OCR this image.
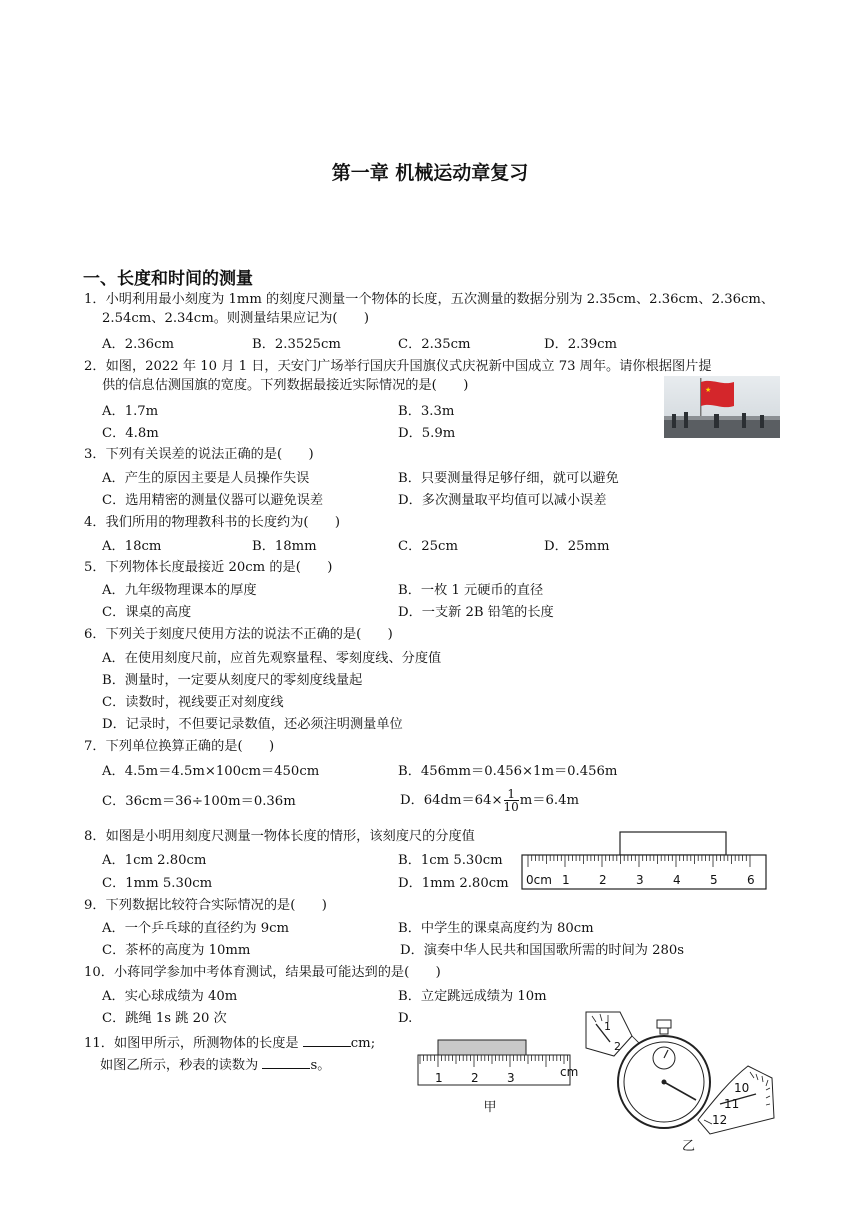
第一章 机械运动章复习
一、长度和时间的测量
1．小明利用最小刻度为 1mm 的刻度尺测量一个物体的长度，五次测量的数据分别为 2.35cm、2.36cm、2.36cm、
2.54cm、2.34cm。则测量结果应记为(　　)
A．2.36cm	B．2.3525cm	C．2.35cm	D．2.39cm
2．如图，2022 年 10 月 1 日，天安门广场举行国庆升国旗仪式庆祝新中国成立 73 周年。请你根据图片提
供的信息估测国旗的宽度。下列数据最接近实际情况的是(　　)
A．1.7m	B．3.3m
C．4.8m	D．5.9m
★
3．下列有关误差的说法正确的是(　　)
A．产生的原因主要是人员操作失误	B．只要测量得足够仔细，就可以避免
C．选用精密的测量仪器可以避免误差	D．多次测量取平均值可以减小误差
4．我们所用的物理教科书的长度约为(　　)
A．18cm	B．18mm	C．25cm	D．25mm
5．下列物体长度最接近 20cm 的是(　　)
A．九年级物理课本的厚度	B．一枚 1 元硬币的直径
C．课桌的高度	D．一支新 2B 铅笔的长度
6．下列关于刻度尺使用方法的说法不正确的是(　　)
A．在使用刻度尺前，应首先观察量程、零刻度线、分度值
B．测量时，一定要从刻度尺的零刻度线量起
C．读数时，视线要正对刻度线
D．记录时，不但要记录数值，还必须注明测量单位
7．下列单位换算正确的是(　　)
A．4.5m＝4.5m×100cm＝450cm	B．456mm＝0.456×1m＝0.456m
C．36cm＝36÷100m＝0.36m	D．$64dm=64\times \frac{1}{10} m=6.4m$
8．如图是小明用刻度尺测量一物体长度的情形，该刻度尺的分度值
A．1cm 2.80cm	B．1cm 5.30cm
C．1mm 5.30cm	D．1mm 2.80cm 0cm 1 2 3 4 5 6
9．下列数据比较符合实际情况的是(　　)
A．一个乒乓球的直径约为 9cm	B．中学生的课桌高度约为 80cm
C．茶杯的高度为 10mm	D．演奏中华人民共和国国歌所需的时间为 280s
10．小蒋同学参加中考体育测试，结果最可能达到的是(　　)
A．实心球成绩为 40m	B．立定跳远成绩为 10m
C．跳绳 1s 跳 20 次	D.
11．如图甲所示，所测物体的长度是	cm;
如图乙所示，秒表的读数为	s。
1 2 3	cm
甲
1
2
10
11
12
乙
